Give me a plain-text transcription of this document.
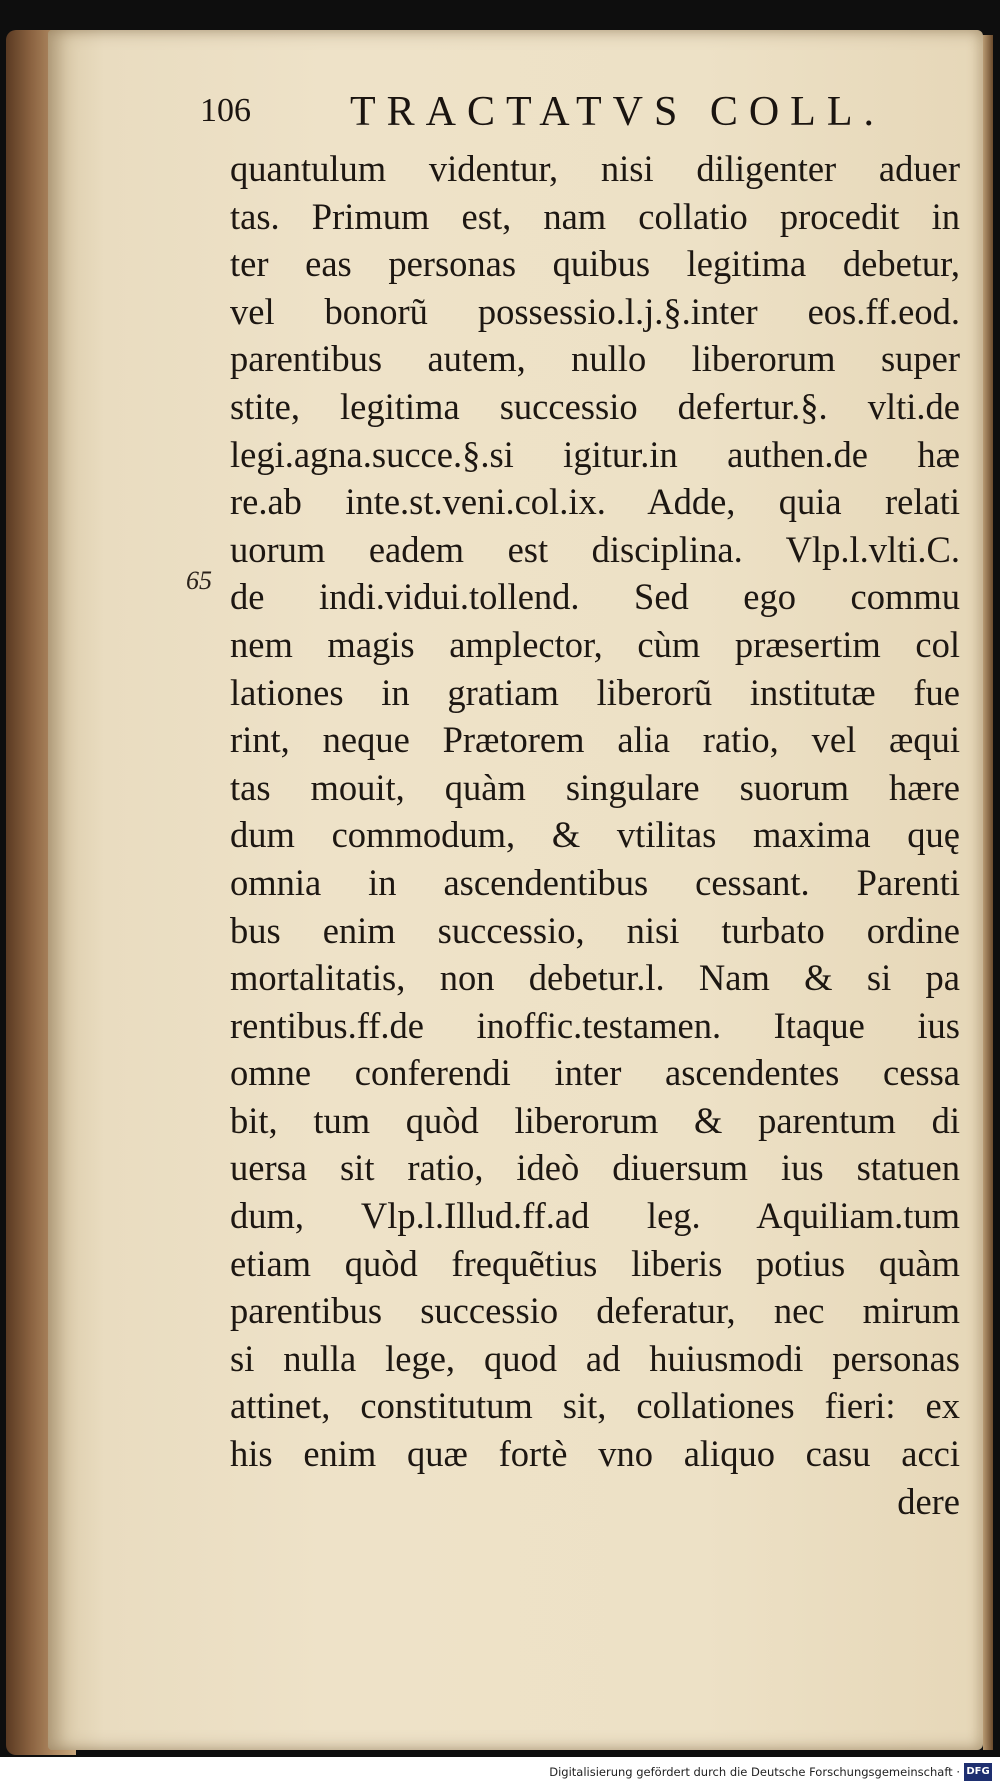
106 TRACTATVS COLL.
65
quantulum videntur, nisi diligenter aduer
tas. Primum est, nam collatio procedit in
ter eas personas quibus legitima debetur,
vel bonorũ possessio.l.j.§.inter eos.ff.eod.
parentibus autem, nullo liberorum super
stite, legitima successio defertur.§. vlti.de
legi.agna.succe.§.si igitur.in authen.de hæ
re.ab inte.st.veni.col.ix. Adde, quia relati
uorum eadem est disciplina. Vlp.l.vlti.C.
de indi.vidui.tollend. Sed ego commu
nem magis amplector, cùm præsertim col
lationes in gratiam liberorũ institutæ fue
rint, neque Prætorem alia ratio, vel æqui
tas mouit, quàm singulare suorum hære
dum commodum, & vtilitas maxima quę
omnia in ascendentibus cessant. Parenti
bus enim successio, nisi turbato ordine
mortalitatis, non debetur.l. Nam & si pa
rentibus.ff.de inoffic.testamen. Itaque ius
omne conferendi inter ascendentes cessa
bit, tum quòd liberorum & parentum di
uersa sit ratio, ideò diuersum ius statuen
dum, Vlp.l.Illud.ff.ad leg. Aquiliam.tum
etiam quòd frequẽtius liberis potius quàm
parentibus successio deferatur, nec mirum
si nulla lege, quod ad huiusmodi personas
attinet, constitutum sit, collationes fieri: ex
his enim quæ fortè vno aliquo casu acci
dere
Digitalisierung gefördert durch die Deutsche Forschungsgemeinschaft · DFG
